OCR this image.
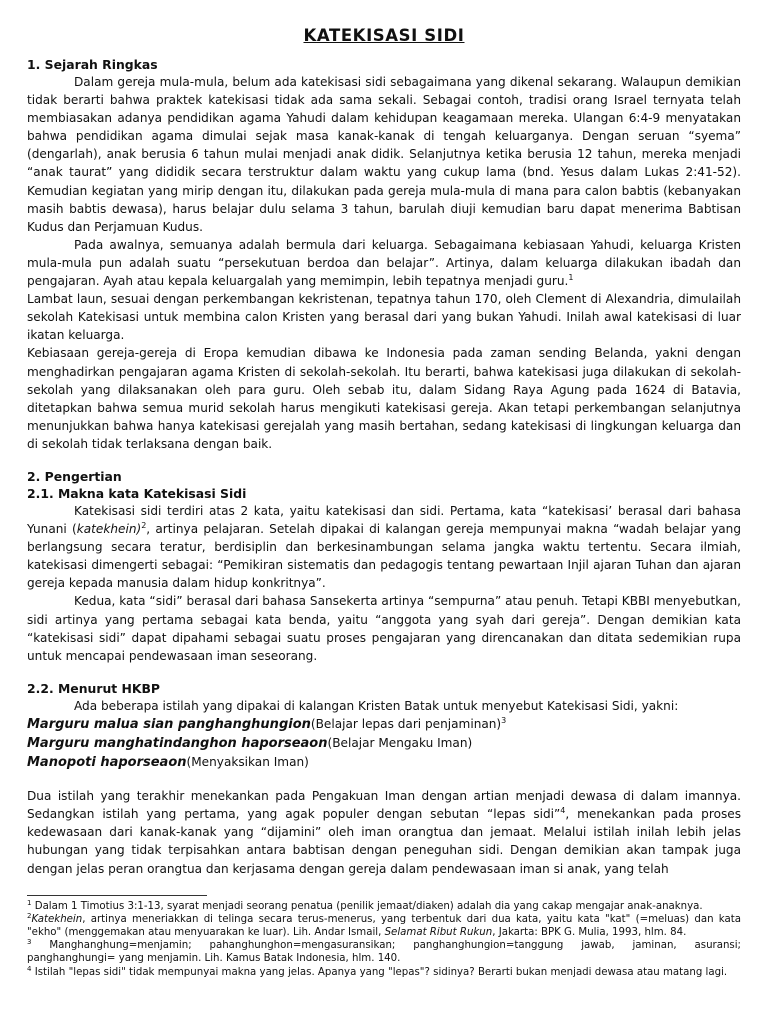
KATEKISASI SIDI
1. Sejarah Ringkas

Dalam gereja mula-mula, belum ada katekisasi sidi sebagaimana yang dikenal sekarang. Walaupun demikian tidak berarti bahwa praktek katekisasi tidak ada sama sekali. Sebagai contoh, tradisi orang Israel ternyata telah membiasakan adanya pendidikan agama Yahudi dalam kehidupan keagamaan mereka. Ulangan 6:4-9 menyatakan bahwa pendidikan agama dimulai sejak masa kanak-kanak di tengah keluarganya. Dengan seruan “syema” (dengarlah), anak berusia 6 tahun mulai menjadi anak didik. Selanjutnya ketika berusia 12 tahun, mereka menjadi “anak taurat” yang dididik secara terstruktur dalam waktu yang cukup lama (bnd. Yesus dalam Lukas 2:41-52). Kemudian kegiatan yang mirip dengan itu, dilakukan pada gereja mula-mula di mana para calon babtis (kebanyakan masih babtis dewasa), harus belajar dulu selama 3 tahun, barulah diuji kemudian baru dapat menerima Babtisan Kudus dan Perjamuan Kudus.

Pada awalnya, semuanya adalah bermula dari keluarga. Sebagaimana kebiasaan Yahudi, keluarga Kristen mula-mula pun adalah suatu “persekutuan berdoa dan belajar”. Artinya, dalam keluarga dilakukan ibadah dan pengajaran. Ayah atau kepala keluargalah yang memimpin, lebih tepatnya menjadi guru.$^1$

Lambat laun, sesuai dengan perkembangan kekristenan, tepatnya tahun 170, oleh Clement di Alexandria, dimulailah sekolah Katekisasi untuk membina calon Kristen yang berasal dari yang bukan Yahudi. Inilah awal katekisasi di luar ikatan keluarga.

Kebiasaan gereja-gereja di Eropa kemudian dibawa ke Indonesia pada zaman sending Belanda, yakni dengan menghadirkan pengajaran agama Kristen di sekolah-sekolah. Itu berarti, bahwa katekisasi juga dilakukan di sekolah-sekolah yang dilaksanakan oleh para guru. Oleh sebab itu, dalam Sidang Raya Agung pada 1624 di Batavia, ditetapkan bahwa semua murid sekolah harus mengikuti katekisasi gereja. Akan tetapi perkembangan selanjutnya menunjukkan bahwa hanya katekisasi gerejalah yang masih bertahan, sedang katekisasi di lingkungan keluarga dan di sekolah tidak terlaksana dengan baik.

2. Pengertian
2.1. Makna kata Katekisasi Sidi

Katekisasi sidi terdiri atas 2 kata, yaitu katekisasi dan sidi. Pertama, kata “katekisasi’ berasal dari bahasa Yunani (katekhein)$^2$, artinya pelajaran. Setelah dipakai di kalangan gereja mempunyai makna “wadah belajar yang berlangsung secara teratur, berdisiplin dan berkesinambungan selama jangka waktu tertentu. Secara ilmiah, katekisasi dimengerti sebagai: “Pemikiran sistematis dan pedagogis tentang pewartaan Injil ajaran Tuhan dan ajaran gereja kepada manusia dalam hidup konkritnya”.

Kedua, kata “sidi” berasal dari bahasa Sansekerta artinya “sempurna” atau penuh. Tetapi KBBI menyebutkan, sidi artinya yang pertama sebagai kata benda, yaitu “anggota yang syah dari gereja”. Dengan demikian kata “katekisasi sidi” dapat dipahami sebagai suatu proses pengajaran yang direncanakan dan ditata sedemikian rupa untuk mencapai pendewasaan iman seseorang.

2.2. Menurut HKBP

Ada beberapa istilah yang dipakai di kalangan Kristen Batak untuk menyebut Katekisasi Sidi, yakni:

Marguru malua sian panghanghungion(Belajar lepas dari penjaminan)$^3$
Marguru manghatindanghon haporseaon(Belajar Mengaku Iman)
Manopoti haporseaon(Menyaksikan Iman)

Dua istilah yang terakhir menekankan pada Pengakuan Iman dengan artian menjadi dewasa di dalam imannya. Sedangkan istilah yang pertama, yang agak populer dengan sebutan “lepas sidi”$^4$, menekankan pada proses kedewasaan dari kanak-kanak yang “dijamini” oleh iman orangtua dan jemaat. Melalui istilah inilah lebih jelas hubungan yang tidak terpisahkan antara babtisan dengan peneguhan sidi. Dengan demikian akan tampak juga dengan jelas peran orangtua dan kerjasama dengan gereja dalam pendewasaan iman si anak, yang telah

$^1$ Dalam 1 Timotius 3:1-13, syarat menjadi seorang penatua (penilik jemaat/diaken) adalah dia yang cakap mengajar anak-anaknya.

$^2$Katekhein, artinya meneriakkan di telinga secara terus-menerus, yang terbentuk dari dua kata, yaitu kata "kat" (=meluas) dan kata "ekho" (menggemakan atau menyuarakan ke luar). Lih. Andar Ismail, Selamat Ribut Rukun, Jakarta: BPK G. Mulia, 1993, hlm. 84.

$^3$ Manghanghung=menjamin; pahanghunghon=mengasuransikan; panghanghungion=tanggung jawab, jaminan, asuransi; panghanghungi= yang menjamin. Lih. Kamus Batak Indonesia, hlm. 140.

$^4$ Istilah "lepas sidi" tidak mempunyai makna yang jelas. Apanya yang "lepas"? sidinya? Berarti bukan menjadi dewasa atau matang lagi.
